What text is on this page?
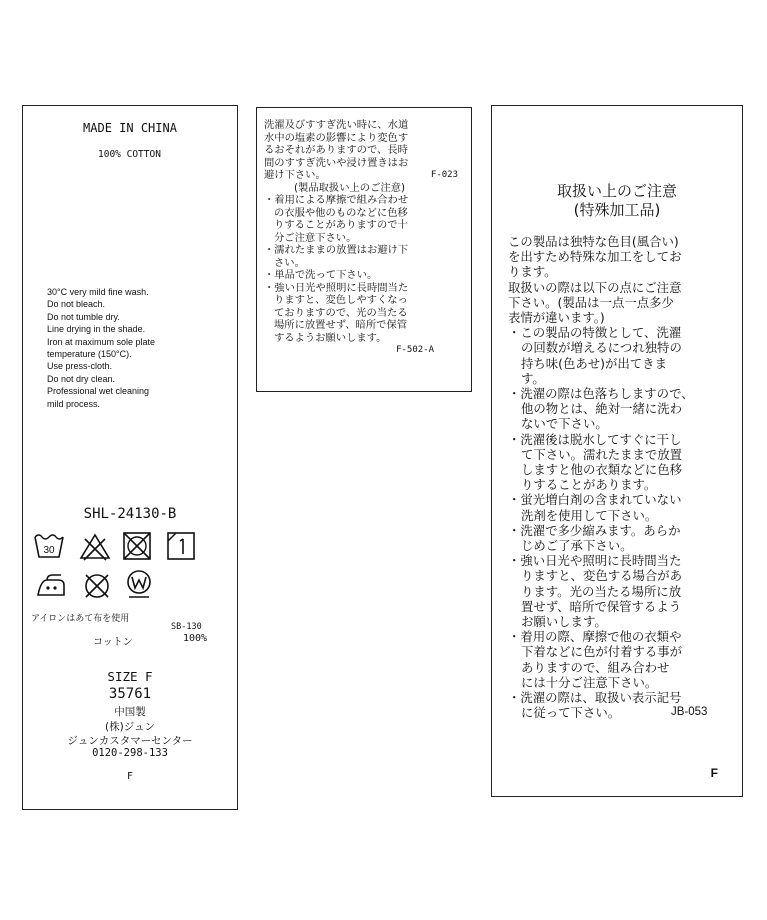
MADE IN CHINA
100% COTTON
30°C very mild fine wash.
Do not bleach.
Do not tumble dry.
Line drying in the shade.
Iron at maximum sole plate
temperature (150°C).
Use press-cloth.
Do not dry clean.
Professional wet cleaning
mild process.
SHL-24130-B
30
アイロンはあて布を使用
SB-130
コットン	100%
SIZE F
35761
中国製
(株)ジュン
ジュンカスタマーセンター
0120-298-133
F
洗濯及びすすぎ洗い時に、水道
水中の塩素の影響により変色す
るおそれがありますので、長時
間のすすぎ洗いや浸け置きはお
避け下さい。	F-023
(製品取扱い上のご注意)
・着用による摩擦で組み合わせ
の衣服や他のものなどに色移
りすることがありますので十
分ご注意下さい。
・濡れたままの放置はお避け下
さい。
・単品で洗って下さい。
・強い日光や照明に長時間当た
りますと、変色しやすくなっ
ておりますので、光の当たる
場所に放置せず、暗所で保管
するようお願いします。
F-502-A
取扱い上のご注意
(特殊加工品)
この製品は独特な色目(風合い)
を出すため特殊な加工をしてお
ります。
取扱いの際は以下の点にご注意
下さい。(製品は一点一点多少
表情が違います。)
・この製品の特徴として、洗濯
の回数が増えるにつれ独特の
持ち味(色あせ)が出てきま
す。
・洗濯の際は色落ちしますので、
他の物とは、絶対一緒に洗わ
ないで下さい。
・洗濯後は脱水してすぐに干し
て下さい。濡れたままで放置
しますと他の衣類などに色移
りすることがあります。
・蛍光増白剤の含まれていない
洗剤を使用して下さい。
・洗濯で多少縮みます。あらか
じめご了承下さい。
・強い日光や照明に長時間当た
りますと、変色する場合があ
ります。光の当たる場所に放
置せず、暗所で保管するよう
お願いします。
・着用の際、摩擦で他の衣類や
下着などに色が付着する事が
ありますので、組み合わせ
には十分ご注意下さい。
・洗濯の際は、取扱い表示記号
に従って下さい。	JB-053
F
